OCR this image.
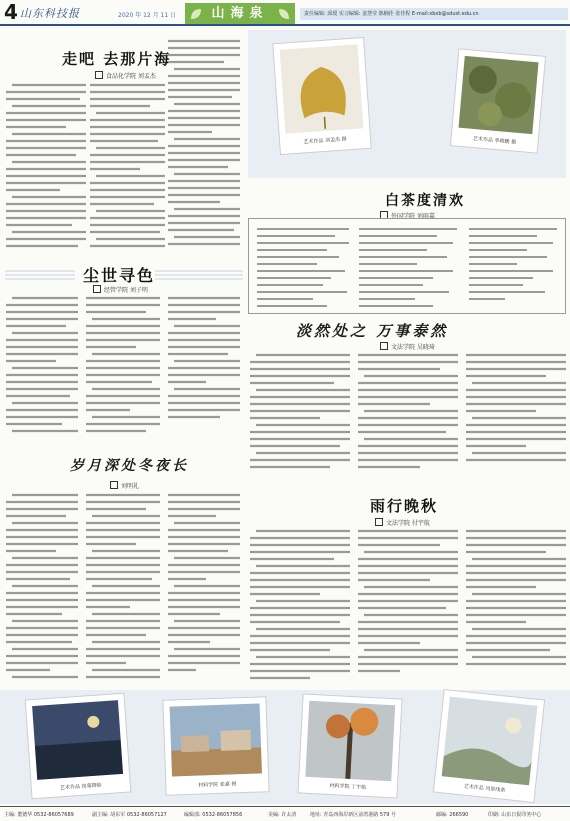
4 山东科技报	2020 年 12 月 11 日	山海泉	责任编辑: 邱瑗 实习编辑: 姜慧莹 陈楠佳 张佳程 E-mail:xbxb@sdust.edu.cn
走吧 去那片海
食品化学院 刘孟杰
艺术作品 刘孟杰 摄	艺术作品 李晓鹏 摄
白茶度清欢
外国学院 刘雨嘉
尘世寻色
经管学院 刘子明
淡然处之 万事泰然
文法学院 吴晓琦
岁月深处冬夜长
刘明礼
雨行晚秋
文法学院 付宇航
艺术作品 夜幕降临	材料学院 张嘉 摄	材料学院 丁宇航	艺术作品 风景线条
主编: 董德华 0532-86057689	副主编: 胡东军 0532-86057127	编辑部: 0532-86057856	美编: 许太清	地址: 青岛西海岸新区前湾港路 579 号	邮编: 266590	印刷: 山东日报印务中心
